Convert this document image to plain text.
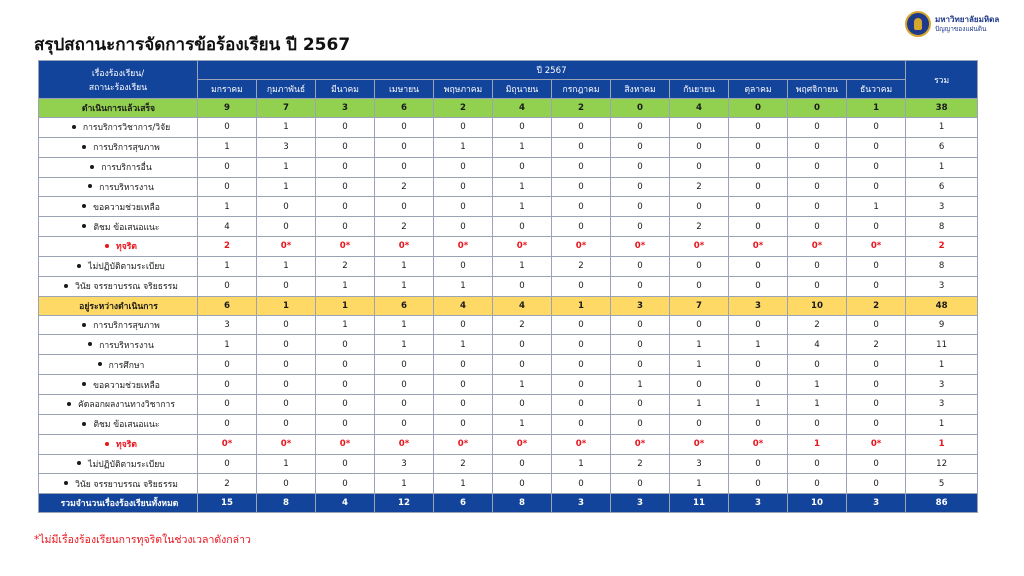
สรุปสถานะการจัดการข้อร้องเรียน ปี 2567
มหาวิทยาลัยมหิดล
ปัญญาของแผ่นดิน
เรื่องร้องเรียน/
สถานะร้องเรียน	ปี 2567												รวม
	มกราคม	กุมภาพันธ์	มีนาคม	เมษายน	พฤษภาคม	มิถุนายน	กรกฎาคม	สิงหาคม	กันยายน	ตุลาคม	พฤศจิกายน	ธันวาคม	
ดำเนินการแล้วเสร็จ	9	7	3	6	2	4	2	0	4	0	0	1	38
การบริการวิชาการ/วิจัย	0	1	0	0	0	0	0	0	0	0	0	0	1
การบริการสุขภาพ	1	3	0	0	1	1	0	0	0	0	0	0	6
การบริการอื่น	0	1	0	0	0	0	0	0	0	0	0	0	1
การบริหารงาน	0	1	0	2	0	1	0	0	2	0	0	0	6
ขอความช่วยเหลือ	1	0	0	0	0	1	0	0	0	0	0	1	3
ติชม ข้อเสนอแนะ	4	0	0	2	0	0	0	0	2	0	0	0	8
ทุจริต	2	0*	0*	0*	0*	0*	0*	0*	0*	0*	0*	0*	2
ไม่ปฏิบัติตามระเบียบ	1	1	2	1	0	1	2	0	0	0	0	0	8
วินัย จรรยาบรรณ จริยธรรม	0	0	1	1	1	0	0	0	0	0	0	0	3
อยู่ระหว่างดำเนินการ	6	1	1	6	4	4	1	3	7	3	10	2	48
การบริการสุขภาพ	3	0	1	1	0	2	0	0	0	0	2	0	9
การบริหารงาน	1	0	0	1	1	0	0	0	1	1	4	2	11
การศึกษา	0	0	0	0	0	0	0	0	1	0	0	0	1
ขอความช่วยเหลือ	0	0	0	0	0	1	0	1	0	0	1	0	3
คัดลอกผลงานทางวิชาการ	0	0	0	0	0	0	0	0	1	1	1	0	3
ติชม ข้อเสนอแนะ	0	0	0	0	0	1	0	0	0	0	0	0	1
ทุจริต	0*	0*	0*	0*	0*	0*	0*	0*	0*	0*	1	0*	1
ไม่ปฏิบัติตามระเบียบ	0	1	0	3	2	0	1	2	3	0	0	0	12
วินัย จรรยาบรรณ จริยธรรม	2	0	0	1	1	0	0	0	1	0	0	0	5
รวมจำนวนเรื่องร้องเรียนทั้งหมด	15	8	4	12	6	8	3	3	11	3	10	3	86
*ไม่มีเรื่องร้องเรียนการทุจริตในช่วงเวลาดังกล่าว
